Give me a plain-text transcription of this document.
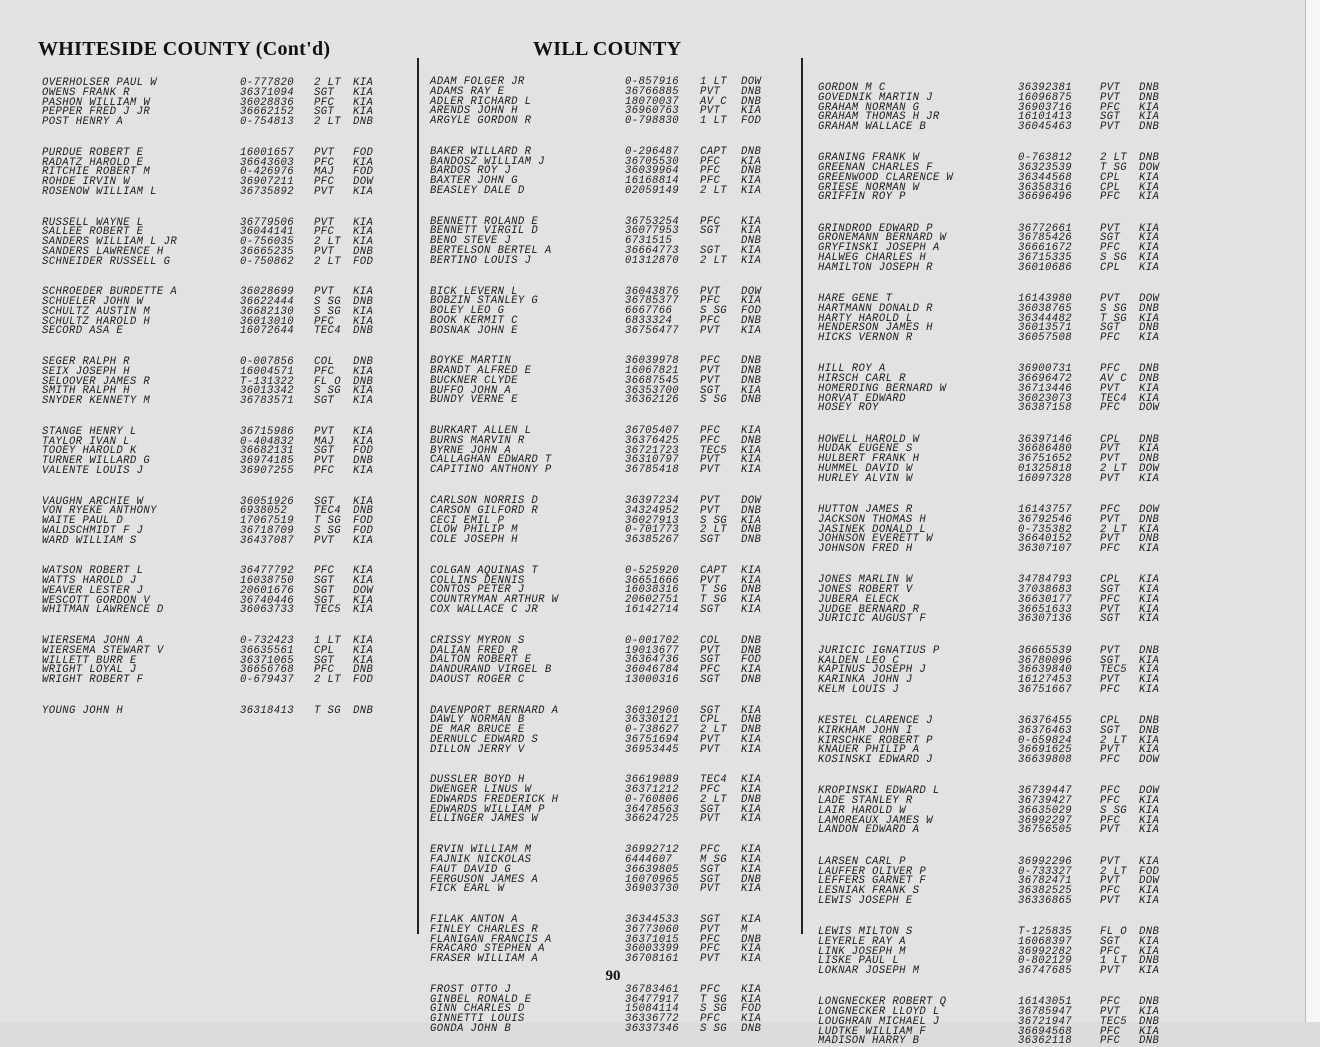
WHITESIDE COUNTY (Cont'd)	WILL COUNTY
OVERHOLSER PAUL W	0-777820 2 LT KIA
OWENS FRANK R	36371094 SGT KIA
PASHON WILLIAM W	36028836 PFC KIA
PEPPER FRED J JR	36662152 SGT KIA
POST HENRY A	0-754813 2 LT DNB
PURDUE ROBERT E	16001657 PVT FOD
RADATZ HAROLD E	36643603 PFC KIA
RITCHIE ROBERT M	0-426976 MAJ FOD
ROHDE IRVIN W	36907211 PFC DOW
ROSENOW WILLIAM L	36735892 PVT KIA
RUSSELL WAYNE L	36779506 PVT KIA
SALLEE ROBERT E	36044141 PFC KIA
SANDERS WILLIAM L JR	0-756035 2 LT KIA
SANDERS LAWRENCE H	36665235 PVT DNB
SCHNEIDER RUSSELL G	0-750862 2 LT FOD
SCHROEDER BURDETTE A	36028699 PVT KIA
SCHUELER JOHN W	36622444 S SG DNB
SCHULTZ AUSTIN M	36682130 S SG KIA
SCHULTZ HAROLD H	36013010 PFC KIA
SECORD ASA E	16072644 TEC4 DNB
SEGER RALPH R	0-007856 COL DNB
SEIX JOSEPH H	16004571 PFC KIA
SELOOVER JAMES R	T-131322 FL O DNB
SMITH RALPH H	36013342 S SG KIA
SNYDER KENNETY M	36783571 SGT KIA
STANGE HENRY L	36715986 PVT KIA
TAYLOR IVAN L	0-404832 MAJ KIA
TOOEY HAROLD K	36682131 SGT FOD
TURNER WILLARD G	36974185 PVT DNB
VALENTE LOUIS J	36907255 PFC KIA
VAUGHN ARCHIE W	36051926 SGT KIA
VON RYEKE ANTHONY	6938052	TEC4 DNB
WAITE PAUL D	17067519 T SG FOD
WALDSCHMIDT F J	36718709 S SG FOD
WARD WILLIAM S	36437087 PVT KIA
WATSON ROBERT L	36477792 PFC KIA
WATTS HAROLD J	16038750 SGT KIA
WEAVER LESTER J	20601676 SGT DOW
WESCOTT GORDON V	36740446 SGT KIA
WHITMAN LAWRENCE D	36063733 TEC5 KIA
WIERSEMA JOHN A	0-732423 1 LT KIA
WIERSEMA STEWART V	36635561 CPL KIA
WILLETT BURR E	36371065 SGT KIA
WRIGHT LOYAL J	36656768 PFC DNB
WRIGHT ROBERT F	0-679437 2 LT FOD
YOUNG JOHN H	36318413 T SG DNB
ADAM FOLGER JR	0-857916 1 LT DOW
ADAMS RAY E	36766885 PVT DNB
ADLER RICHARD L	18070037 AV C DNB
ARENDS JOHN H	36960763 PVT KIA
ARGYLE GORDON R	0-798830 1 LT FOD
BAKER WILLARD R	0-296487 CAPT DNB
BANDOSZ WILLIAM J	36705530 PFC KIA
BARDOS ROY J	36039964 PFC DNB
BAXTER JOHN G	16168814 PFC KIA
BEASLEY DALE D	02059149 2 LT KIA
BENNETT ROLAND E	36753254 PFC KIA
BENNETT VIRGIL D	36077953 SGT KIA
BENO STEVE J	6731515	DNB
BERTELSON BERTEL A	36664773 SGT KIA
BERTINO LOUIS J	01312870 2 LT KIA
BICK LEVERN L	36043876 PVT DOW
BOBZIN STANLEY G	36785377 PFC KIA
BOLEY LEO G	6667766	S SG FOD
BOOK KERMIT C	6833324	PFC DNB
BOSNAK JOHN E	36756477 PVT KIA
BOYKE MARTIN	36039978 PFC DNB
BRANDT ALFRED E	16067821 PVT DNB
BUCKNER CLYDE	36687545 PVT DNB
BUFFO JOHN A	36353700 SGT KIA
BUNDY VERNE E	36362126 S SG DNB
BURKART ALLEN L	36705407 PFC KIA
BURNS MARVIN R	36376425 PFC DNB
BYRNE JOHN A	36721723 TEC5 KIA
CALLAGHAN EDWARD T	36310797 PVT KIA
CAPITINO ANTHONY P	36785418 PVT KIA
CARLSON NORRIS D	36397234 PVT DOW
CARSON GILFORD R	34324952 PVT DNB
CECI EMIL P	36027913 S SG KIA
CLOW PHILIP M	0-701773 2 LT DNB
COLE JOSEPH H	36385267 SGT DNB
COLGAN AQUINAS T	0-525920 CAPT KIA
COLLINS DENNIS	36651666 PVT KIA
CONTOS PETER J	16038316 T SG DNB
COUNTRYMAN ARTHUR W	20602751 T SG KIA
COX WALLACE C JR	16142714 SGT KIA
CRISSY MYRON S	0-001702 COL DNB
DALIAN FRED R	19013677 PVT DNB
DALTON ROBERT E	36364736 SGT FOD
DANDURAND VIRGEL B	36046784 PFC KIA
DAOUST ROGER C	13000316 SGT DNB
DAVENPORT BERNARD A	36012960 SGT KIA
DAWLY NORMAN B	36330121 CPL DNB
DE MAR BRUCE E	0-738627 2 LT DNB
DERNULC EDWARD S	36751694 PVT KIA
DILLON JERRY V	36953445 PVT KIA
DUSSLER BOYD H	36619089 TEC4 KIA
DWENGER LINUS W	36371212 PFC KIA
EDWARDS FREDERICK H	0-760806 2 LT DNB
EDWARDS WILLIAM P	36478563 SGT KIA
ELLINGER JAMES W	36624725 PVT KIA
ERVIN WILLIAM M	36992712 PFC KIA
FAJNIK NICKOLAS	6444607	M SG KIA
FAUT DAVID G	36639805 SGT KIA
FERGUSON JAMES A	16070965 SGT DNB
FICK EARL W	36903730 PVT KIA
FILAK ANTON A	36344533 SGT KIA
FINLEY CHARLES R	36773060 PVT M
FLANIGAN FRANCIS A	36371015 PFC DNB
FRACARO STEPHEN A	36003399 PFC KIA
FRASER WILLIAM A	36708161 PVT KIA
FROST OTTO J	36783461 PFC KIA
GINBEL RONALD E	36477917 T SG KIA
GINN CHARLES D	15084114 S SG FOD
GINNETTI LOUIS	36336772 PFC KIA
GONDA JOHN B	36337346 S SG DNB
GORDON M C	36392381	PVT DNB
GOVEDNIK MARTIN J	16096875	PVT DNB
GRAHAM NORMAN G	36903716	PFC KIA
GRAHAM THOMAS H JR	16101413	SGT KIA
GRAHAM WALLACE B	36045463	PVT DNB
GRANING FRANK W	0-763812	2 LT DNB
GREENAN CHARLES F	36323539	T SG DOW
GREENWOOD CLARENCE W	36344568	CPL KIA
GRIESE NORMAN W	36358316	CPL KIA
GRIFFIN ROY P	36696496	PFC KIA
GRINDROD EDWARD P	36772661	PVT KIA
GRONEMANN BERNARD W	36785426	SGT KIA
GRYFINSKI JOSEPH A	36661672	PFC KIA
HALWEG CHARLES H	36715335	S SG KIA
HAMILTON JOSEPH R	36010686	CPL KIA
HARE GENE T	16143980	PVT DOW
HARTMANN DONALD R	36038765	S SG DNB
HARTY HAROLD L	36344482	T SG KIA
HENDERSON JAMES H	36013571	SGT DNB
HICKS VERNON R	36057508	PFC KIA
HILL ROY A	36900731	PFC DNB
HIRSCH CARL R	36696472	AV C DNB
HOMERDING BERNARD W	36713446	PVT KIA
HORVAT EDWARD	36023073	TEC4 KIA
HOSEY ROY	36387158	PFC DOW
HOWELL HAROLD W	36397146	CPL DNB
HUDAK EUGENE S	36686480	PVT KIA
HULBERT FRANK H	36751652	PVT DNB
HUMMEL DAVID W	01325818	2 LT DOW
HURLEY ALVIN W	16097328	PVT KIA
HUTTON JAMES R	16143757	PFC DOW
JACKSON THOMAS H	36792546	PVT DNB
JASINEK DONALD L	0-735382	2 LT KIA
JOHNSON EVERETT W	36640152	PVT DNB
JOHNSON FRED H	36307107	PFC KIA
JONES MARLIN W	34784793	CPL KIA
JONES ROBERT V	37038683	SGT KIA
JUBERA ELECK	36630177	PFC KIA
JUDGE BERNARD R	36651633	PVT KIA
JURICIC AUGUST F	36307136	SGT KIA
JURICIC IGNATIUS P	36665539	PVT DNB
KALDEN LEO C	36780096	SGT KIA
KAPINUS JOSEPH J	36639840	TEC5 KIA
KARINKA JOHN J	16127453	PVT KIA
KELM LOUIS J	36751667	PFC KIA
KESTEL CLARENCE J	36376455	CPL DNB
KIRKHAM JOHN I	36376463	SGT DNB
KIRSCHKE ROBERT P	0-659824	2 LT KIA
KNAUER PHILIP A	36691625	PVT KIA
KOSINSKI EDWARD J	36639808	PFC DOW
KROPINSKI EDWARD L	36739447	PFC DOW
LADE STANLEY R	36739427	PFC KIA
LAIR HAROLD W	36635029	S SG KIA
LAMOREAUX JAMES W	36992297	PFC KIA
LANDON EDWARD A	36756505	PVT KIA
LARSEN CARL P	36992296	PVT KIA
LAUFFER OLIVER P	0-733327	2 LT FOD
LEFFERS GARNET F	36782471	PVT DOW
LESNIAK FRANK S	36382525	PFC KIA
LEWIS JOSEPH E	36336865	PVT KIA
LEWIS MILTON S	T-125835	FL O DNB
LEYERLE RAY A	16068397	SGT KIA
LINK JOSEPH M	36992282	PFC KIA
LISKE PAUL L	0-802129	1 LT DNB
LOKNAR JOSEPH M	36747685	PVT KIA
LONGNECKER ROBERT Q	16143051	PFC DNB
LONGNECKER LLOYD L	36785947	PVT KIA
LOUGHRAN MICHAEL J	36721947	TEC5 DNB
LUDTKE WILLIAM F	36694568	PFC KIA
MADISON HARRY B	36362118	PFC DNB
90
